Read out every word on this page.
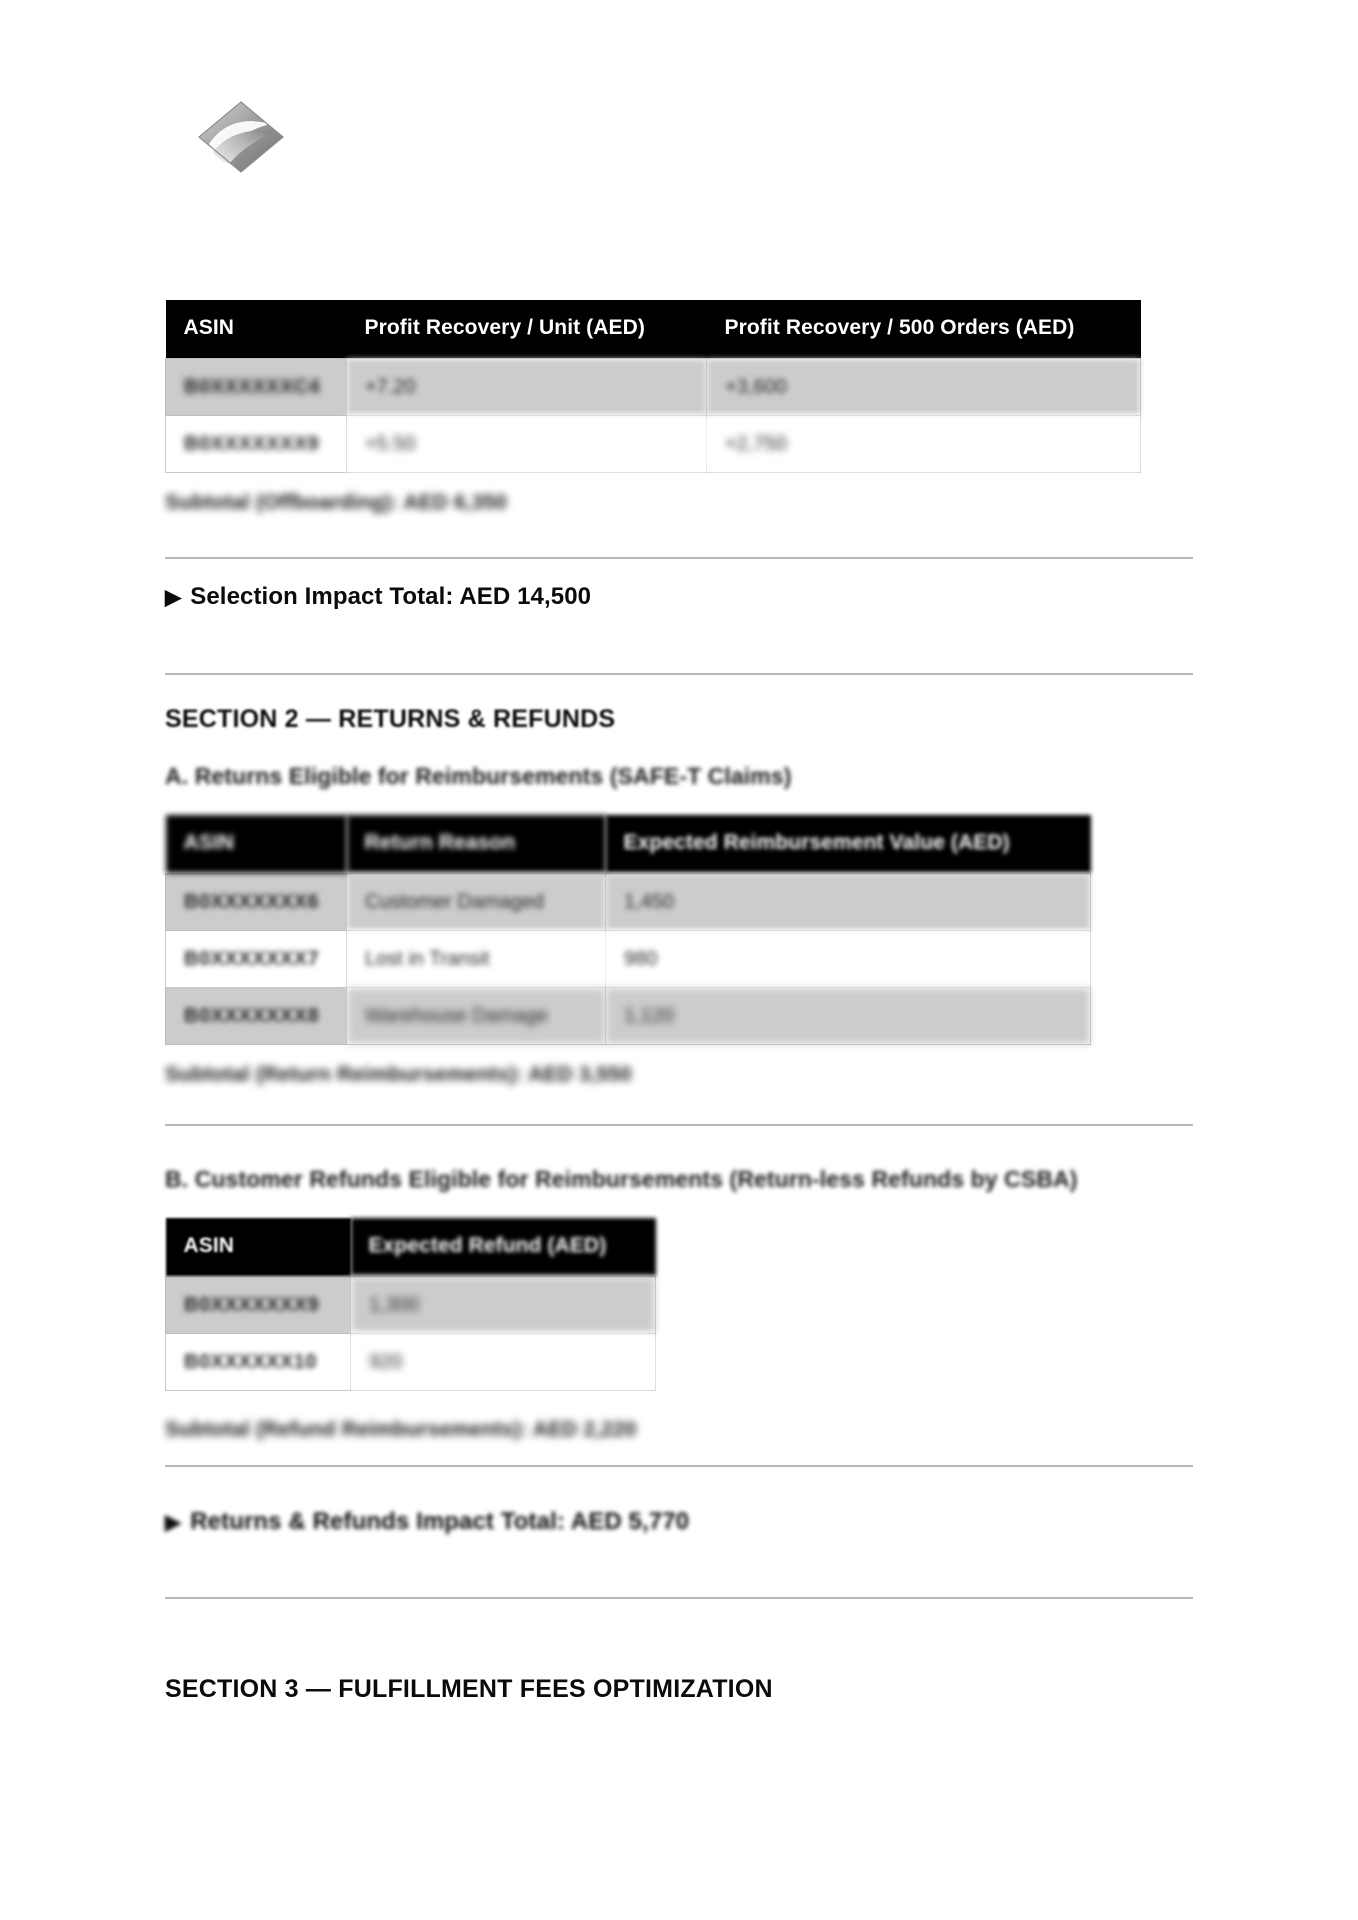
ASIN	Profit Recovery / Unit (AED)	Profit Recovery / 500 Orders (AED)
B0XXXXXXC4	+7.20	+3,600
B0XXXXXXX9	+5.50	+2,750
Subtotal (Offboarding): AED 6,350
▶ Selection Impact Total: AED 14,500
SECTION 2 — RETURNS & REFUNDS
A. Returns Eligible for Reimbursements (SAFE-T Claims)
ASIN	Return Reason	Expected Reimbursement Value (AED)
B0XXXXXXX6	Customer Damaged	1,450
B0XXXXXXX7	Lost in Transit	980
B0XXXXXXX8	Warehouse Damage	1,120
Subtotal (Return Reimbursements): AED 3,550
B. Customer Refunds Eligible for Reimbursements (Return-less Refunds by CSBA)
ASIN	Expected Refund (AED)
B0XXXXXXX9	1,300
B0XXXXXX10	920
Subtotal (Refund Reimbursements): AED 2,220
▶ Returns & Refunds Impact Total: AED 5,770
SECTION 3 — FULFILLMENT FEES OPTIMIZATION
